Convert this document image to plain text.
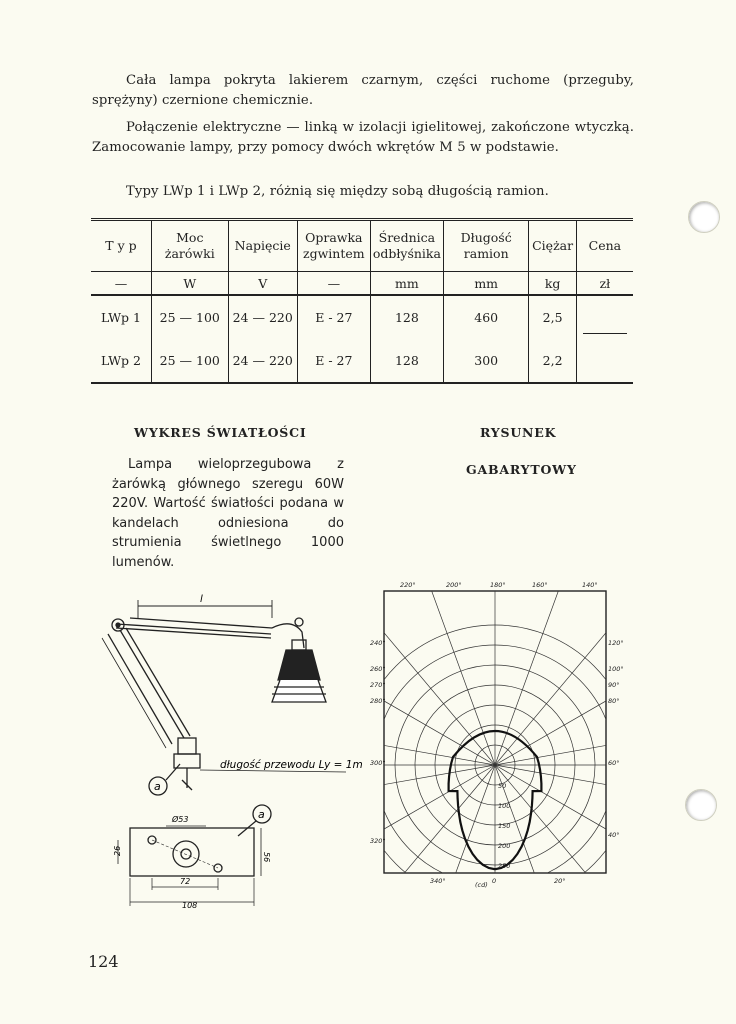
Cała lampa pokryta lakierem czarnym, części ruchome (przeguby, sprężyny) czernione chemicznie.
Połączenie elektryczne — linką w izolacji igielitowej, zakończone wtyczką. Zamocowanie lampy, przy pomocy dwóch wkrętów M 5 w podstawie.
Typy LWp 1 i LWp 2, różnią się między sobą długością ramion.
T y p	Moc żarówki	Napięcie	Oprawka zgwintem	Średnica odbłyśnika	Długość ramion	Ciężar	Cena
—	W	V	—	mm	mm	kg	zł
LWp 1	25 — 100	24 — 220	E - 27	128	460	2,5	
LWp 2	25 — 100	24 — 220	E - 27	128	300	2,2	
WYKRES ŚWIATŁOŚCI	RYSUNEK
GABARYTOWY
Lampa wieloprzegubowa z żarówką głównego szeregu 60W 220V. Wartość światłości podana w kandelach odniesiona do strumienia świetlnego 1000 lumenów.
l
długość przewodu Ly = 1m
a
a
Ø53
72
108
26
56
220°	200°	180°	160°	140°
240°	120°
260°	100°
270°	90°
280°	80°
300°	60°
320°
40°
340°	0	20°
50
100
150
200
250
(cd)
124
